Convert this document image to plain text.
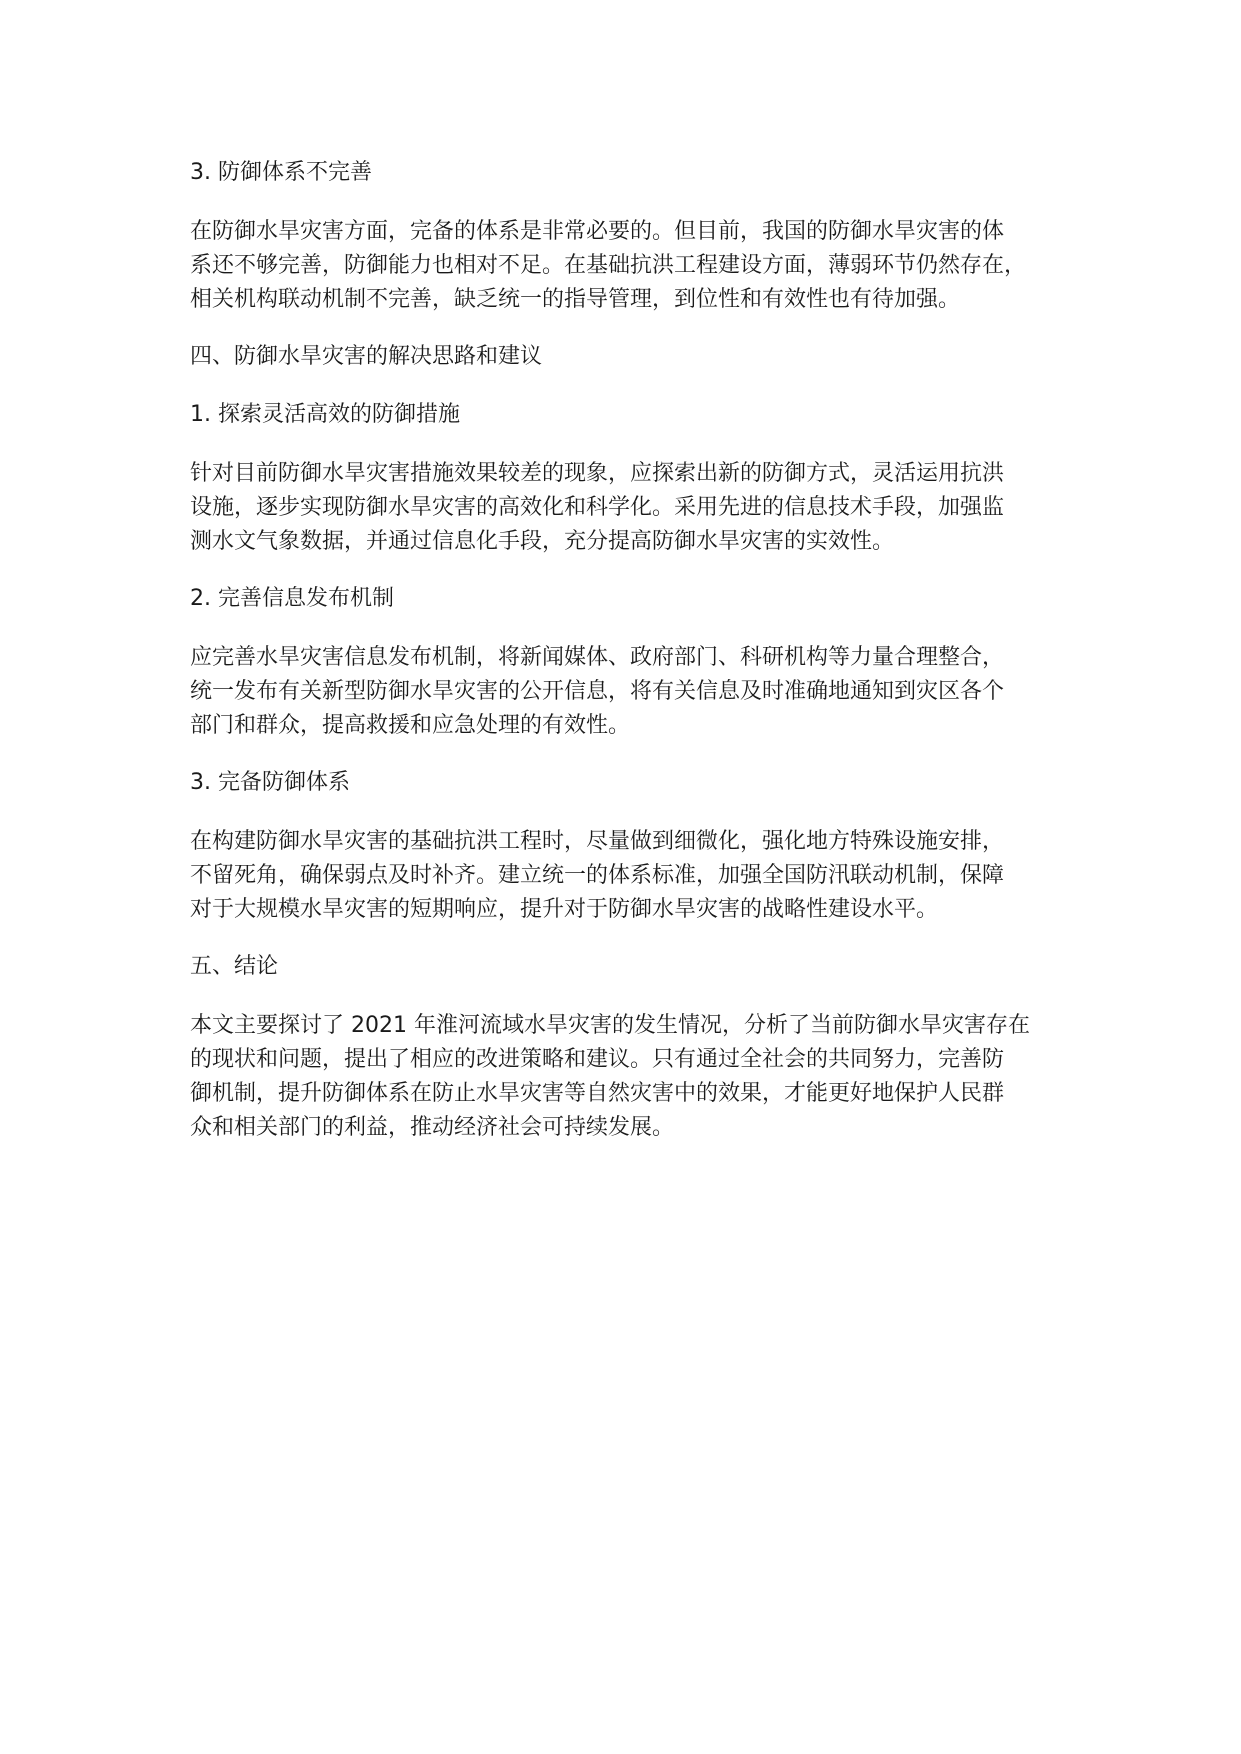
3. 防御体系不完善
在防御水旱灾害方面，完备的体系是非常必要的。但目前，我国的防御水旱灾害的体
系还不够完善，防御能力也相对不足。在基础抗洪工程建设方面，薄弱环节仍然存在，
相关机构联动机制不完善，缺乏统一的指导管理，到位性和有效性也有待加强。
四、防御水旱灾害的解决思路和建议
1. 探索灵活高效的防御措施
针对目前防御水旱灾害措施效果较差的现象，应探索出新的防御方式，灵活运用抗洪
设施，逐步实现防御水旱灾害的高效化和科学化。采用先进的信息技术手段，加强监
测水文气象数据，并通过信息化手段，充分提高防御水旱灾害的实效性。
2. 完善信息发布机制
应完善水旱灾害信息发布机制，将新闻媒体、政府部门、科研机构等力量合理整合，
统一发布有关新型防御水旱灾害的公开信息，将有关信息及时准确地通知到灾区各个
部门和群众，提高救援和应急处理的有效性。
3. 完备防御体系
在构建防御水旱灾害的基础抗洪工程时，尽量做到细微化，强化地方特殊设施安排，
不留死角，确保弱点及时补齐。建立统一的体系标准，加强全国防汛联动机制，保障
对于大规模水旱灾害的短期响应，提升对于防御水旱灾害的战略性建设水平。
五、结论
本文主要探讨了 2021 年淮河流域水旱灾害的发生情况，分析了当前防御水旱灾害存在
的现状和问题，提出了相应的改进策略和建议。只有通过全社会的共同努力，完善防
御机制，提升防御体系在防止水旱灾害等自然灾害中的效果，才能更好地保护人民群
众和相关部门的利益，推动经济社会可持续发展。
